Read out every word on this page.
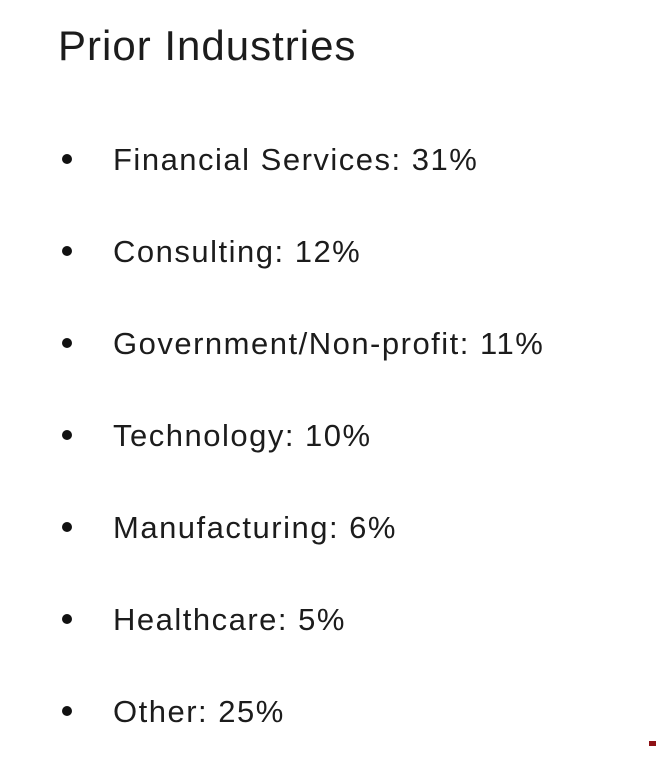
Prior Industries
Financial Services: 31%
Consulting: 12%
Government/Non-profit: 11%
Technology: 10%
Manufacturing: 6%
Healthcare: 5%
Other: 25%
